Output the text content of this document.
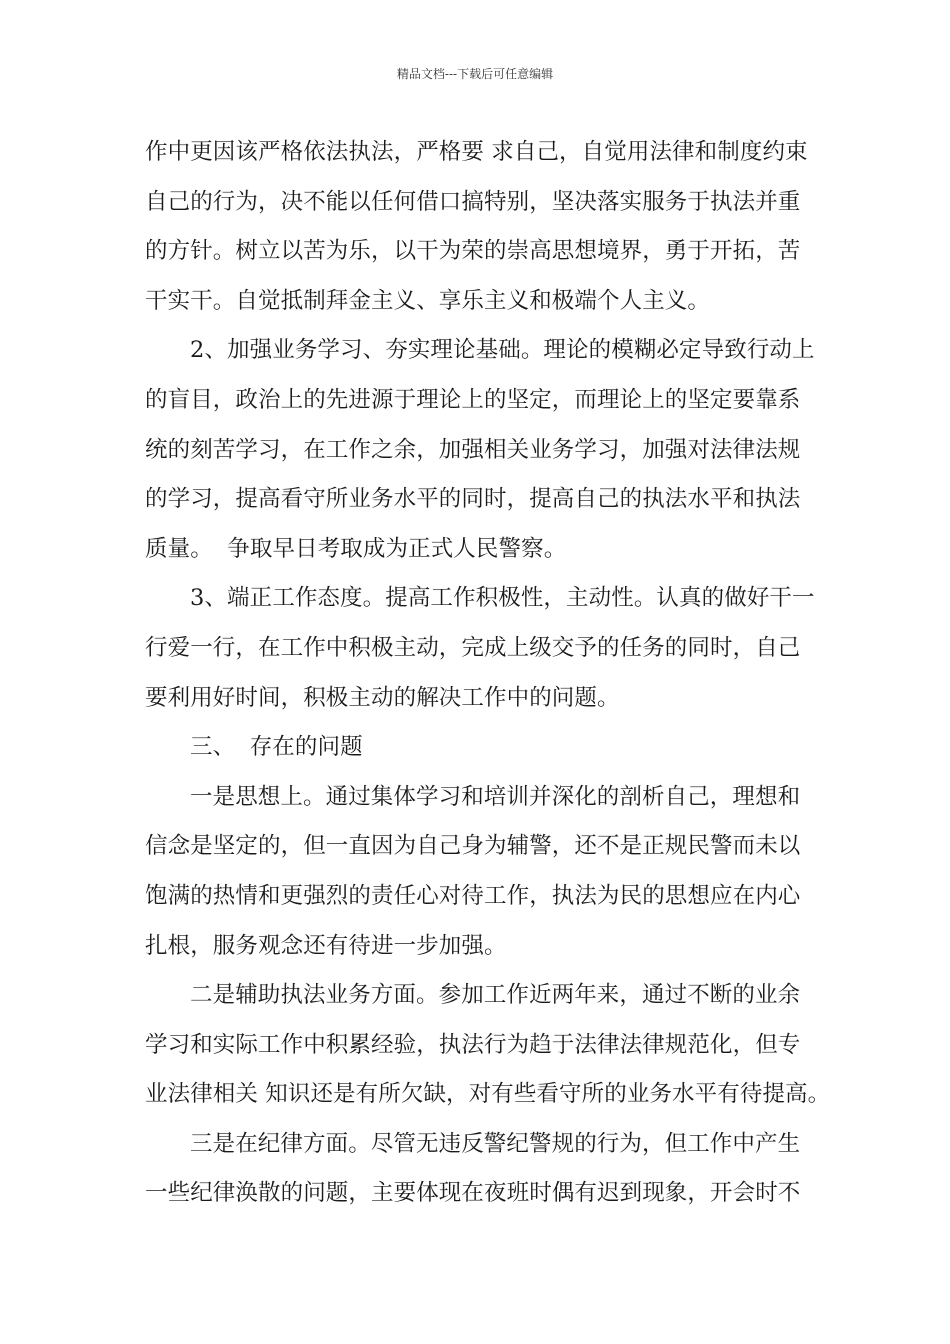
精品文档---下载后可任意编辑
作中更因该严格依法执法，严格要 求自己，自觉用法律和制度约束
自己的行为，决不能以任何借口搞特别，坚决落实服务于执法并重
的方针。树立以苦为乐，以干为荣的崇高思想境界，勇于开拓，苦
干实干。自觉抵制拜金主义、享乐主义和极端个人主义。
2、加强业务学习、夯实理论基础。理论的模糊必定导致行动上
的盲目，政治上的先进源于理论上的坚定，而理论上的坚定要靠系
统的刻苦学习，在工作之余，加强相关业务学习，加强对法律法规
的学习，提高看守所业务水平的同时，提高自己的执法水平和执法
质量。  争取早日考取成为正式人民警察。
3、端正工作态度。提高工作积极性，主动性。认真的做好干一
行爱一行，在工作中积极主动，完成上级交予的任务的同时，自己
要利用好时间，积极主动的解决工作中的问题。
三、  存在的问题
一是思想上。通过集体学习和培训并深化的剖析自己，理想和
信念是坚定的，但一直因为自己身为辅警，还不是正规民警而未以
饱满的热情和更强烈的责任心对待工作，执法为民的思想应在内心
扎根，服务观念还有待进一步加强。
二是辅助执法业务方面。参加工作近两年来，通过不断的业余
学习和实际工作中积累经验，执法行为趋于法律法律规范化，但专
业法律相关 知识还是有所欠缺，对有些看守所的业务水平有待提高。
三是在纪律方面。尽管无违反警纪警规的行为，但工作中产生
一些纪律涣散的问题，主要体现在夜班时偶有迟到现象，开会时不
